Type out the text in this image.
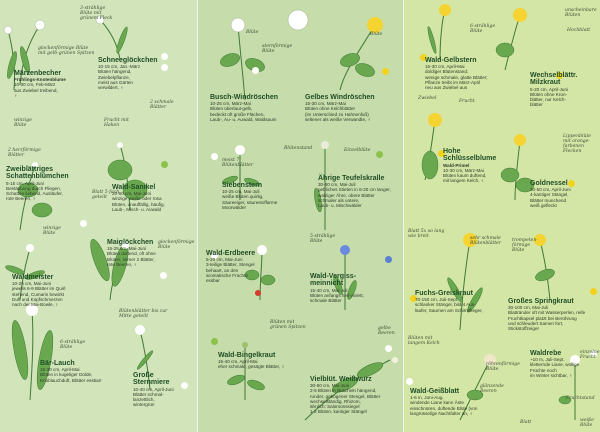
Märzenbecher
Frühlings-Knotenblume
10-30 cm, Feb-März
aus Zwiebel treibend,
♀
Schneeglöckchen
10-15 cm, Jan.-März
Blüten hängend,
Zwiebelpflanze,
meist aus Gärten
verwildert, ♀
Zweiblättriges
Schattenblümchen
5-15 cm, April-Juni
Bestäubung durch Fliegen,
Schatten liebend, Ausläufer,
rote Beeren, ♀
Wald-Sanikel
20-60 cm, Mai-Juni
winzige weiße oder rosa
Blüten, unauffällig, häufig,
Laub-, Misch- u. Auwald
Waldmeister
10-25 cm, Mai-Juni
jeweils 6-9 Blätter im Quirl
stehend, Cumarin bewirkt
Duft und Kopfschmerzen
nach der Mai-Bowle, ♀
Maiglöckchen
15-25 cm, Mai-Juni
Blüten duftend, oft ohne
Blüten, immer 2 Blätter,
rote Beeren, ♀
Bär-Lauch
15-30 cm, April-Mai
Blüten in kugeliger Dolde,
Knoblauchduft, Blätter essbar!
Große
Sternmiere
10-40 cm, April-Juni
Blätter schmal-
lanzettlich,
wintergrün
Busch-Windröschen
10-25 cm, März-Mai
Blüten überlaut-gelb,
bedeckt oft große Flächen,
Laub-, Au- u. Auwald, Waldsaum
Gelbes Windröschen
15-30 cm, März-Mai
Blüten ohne Kelchblätter
(im Unterschied zu Hahnenfuß)
seltener als weiße Verwandte, ♀
Siebenstern
10-25 cm, Mai-Juli
weiße Blüten quirlig,
Säureeiger, säurestoffarme
Moorwälder
Ährige Teufelskralle
30-80 cm, Mai-Juli
gebliches Stieten in 6-20 cm langer,
walziger Ähre, obere Blätter
schmaler als untere,
Laub- u. Mischwälder
Wald-Erdbeere
5-20 cm, Mai-Juni
3-teilige Blätter, Stengel
behaart, an den
aromatische Früchte
essbar
Wald-Vergiss-
meinnicht
15-40 cm, Mai-Juli
Blüten anfangs hell-violett,
schmale Blätter
Wald-Bingelkraut
15-40 cm, April-Mai
eher schmale, gesägte Blätter, ♀
Vielblüt. Weißwurz
30-60 cm, Mai-Juni
2-5 Blüten in Büscheln hängend,
runder, gebogener Stengel, Blätter
wechselständig, Rhizom,
ähnlich: Salomonssiegel
1-2 Blüten, kantiger Stängel
Wald-Gelbstern
15-30 cm, April-Mai
doldiger Blütenstand;
wenige schmale, glatte Blätter;
Pflanze treibt im März-April
neu aus Zwiebel aus
Wechselblättr.
Milzkraut
5-20 cm, April-Juni
Blüten ohne Kron-
blätter, nur Kelch-
blätter
Hohe
Schlüsselblume
Wald-Primel
10-30 cm, März-Mai
Blüten kaum duftend,
mit langem Kelch, ♀	Goldnessel
30-50 cm, April-Juni
4-kantiger Stängel,
Blätter munchend
weiß gefleckt
Fuchs-Greiskraut
70-150 cm, Juli-Sept.
schlanker Stängel, bildet Aus-
läufer, Saumen am Schirmflieger,
Großes Springkraut
30-100 cm, Mai-Juli
Blattränder oft mit Wasserperlen, reife
Fruchtkapsel platzt bei Berührung
und schleudert Samen fort,
Stickstoffzeiger
Wald-Geißblatt
1-6 m, Juni-Aug.
windende Liane kann Äste
einschnüren, duftende Blüte (von
langrüsselige Nachtfalter an, ♀
Waldrebe
~10 m, Juli-Sept.
kletternde Liane, wollige
Früchte noch
im Winter sichtbar, ♀
3-strählige
Blüte mit
grünem Fleck
glockenförmige Blüte
mit gelb-grünen Spitzen
winzige
Blüte
Frucht mit
Haken
2 schmale
Blätter
2 herzförmige
Blätter
Blatt 5-fach
geteilt
winzige
Blüte
glockenförmige
Blüte
Blütenblätter bis zur
Mitte geteilt
6-strählige
Blüte
sternförmige
Blüte
Blüte
meist 7
Blütenblätter
Blütenstand	Einzelblüte
5-strählige
Blüte
Blüten mit
grünen Spitzen	gelbe
Beeren
6-strählige
Blüte
Zwiebel
unscheinbare
Blüten
Hochblatt
Frucht
Lippenblüte
mit orange-
farbenen
Flecken
Blatt 5x so lang
wie breit	sehr schmale
Blütenblätter
trompeten-
förmige
Blüte
Blüten mit
langem Kelch
röhrenförmige
Blüte
glänzende
Beeren
einzelne
Frucht
Fruchtstand
Blatt	weiße
Blüte
Blüte
